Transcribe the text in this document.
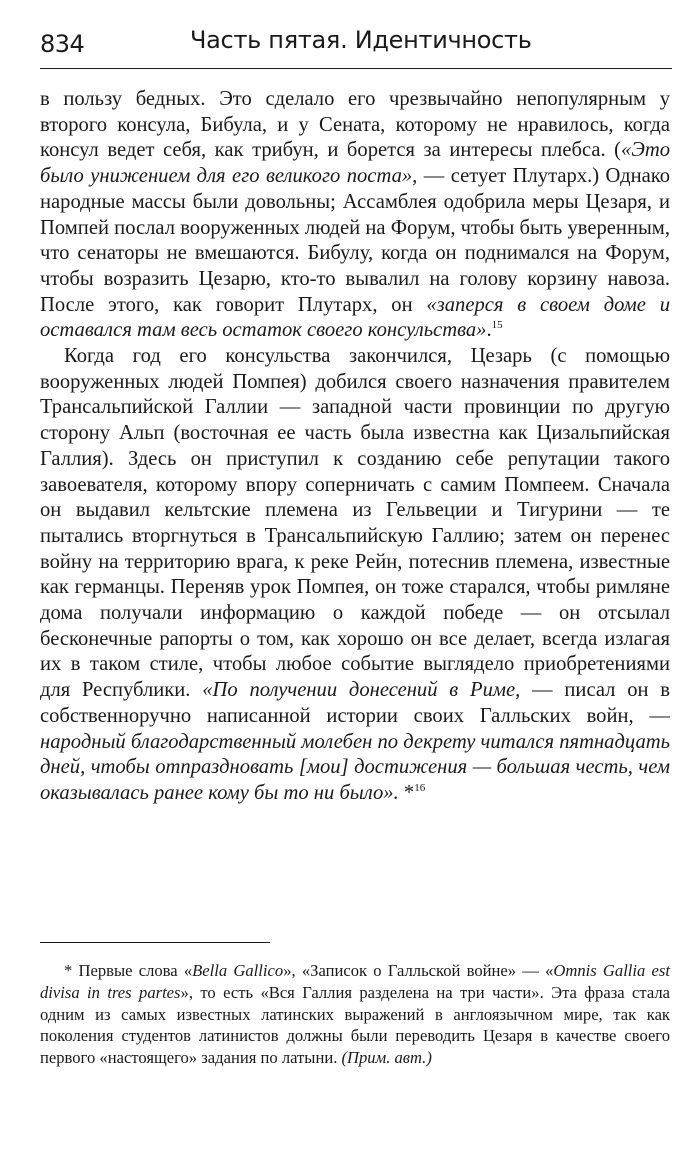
834	Часть пятая. Идентичность

в пользу бедных. Это сделало его чрезвычайно непопулярным у второго консула, Бибула, и у Сената, которому не нравилось, когда консул ведет себя, как трибун, и борется за интересы плебса. («Это было унижением для его великого поста», — сетует Плутарх.) Однако народные массы были довольны; Ассамблея одобрила меры Цезаря, и Помпей послал вооруженных людей на Форум, чтобы быть уверенным, что сенаторы не вмешаются. Бибулу, когда он поднимался на Форум, чтобы возразить Цезарю, кто-то вывалил на голову корзину навоза. После этого, как говорит Плутарх, он «заперся в своем доме и оставался там весь остаток своего консульства».$^{15}$

Когда год его консульства закончился, Цезарь (с помощью вооруженных людей Помпея) добился своего назначения правителем Трансальпийской Галлии — западной части провинции по другую сторону Альп (восточная ее часть была известна как Цизальпийская Галлия). Здесь он приступил к созданию себе репутации такого завоевателя, которому впору соперничать с самим Помпеем. Сначала он выдавил кельтские племена из Гельвеции и Тигурини — те пытались вторгнуться в Трансальпийскую Галлию; затем он перенес войну на территорию врага, к реке Рейн, потеснив племена, известные как германцы. Переняв урок Помпея, он тоже старался, чтобы римляне дома получали информацию о каждой победе — он отсылал бесконечные рапорты о том, как хорошо он все делает, всегда излагая их в таком стиле, чтобы любое событие выглядело приобретениями для Республики. «По получении донесений в Риме, — писал он в собственноручно написанной истории своих Галльских войн, — народный благодарственный молебен по декрету читался пятнадцать дней, чтобы отпраздновать [мои] достижения — большая честь, чем оказывалась ранее кому бы то ни было». *$^{16}$

* Первые слова «Bella Gallico», «Записок о Галльской войне» — «Omnis Gallia est divisa in tres partes», то есть «Вся Галлия разделена на три части». Эта фраза стала одним из самых известных латинских выражений в англоязычном мире, так как поколения студентов латинистов должны были переводить Цезаря в качестве своего первого «настоящего» задания по латыни. (Прим. авт.)
